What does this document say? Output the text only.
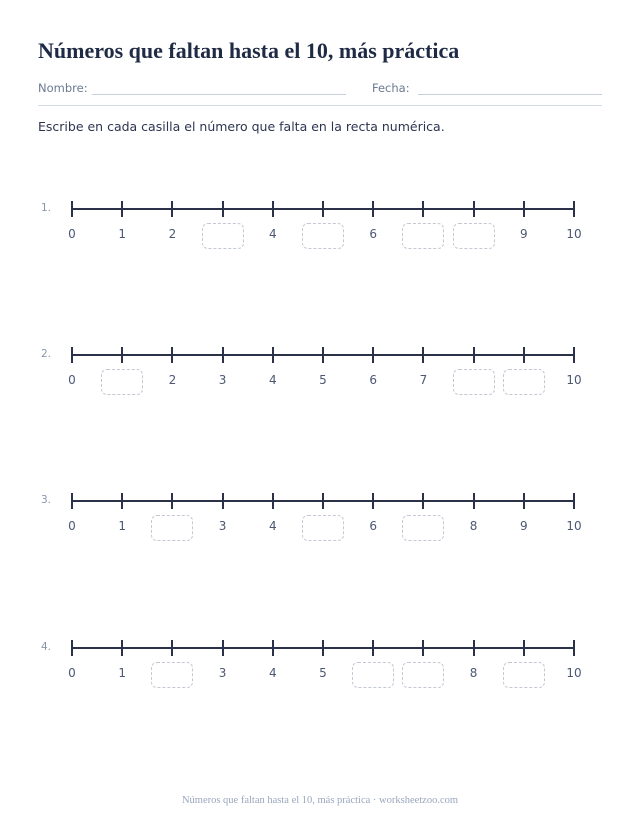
Números que faltan hasta el 10, más práctica
Nombre:	Fecha:
Escribe en cada casilla el número que falta en la recta numérica.
1.
0	1	2	4	6	9	10
2.
0	2	3	4	5	6	7	10
3.
0	1	3	4	6	8	9	10
4.
0	1	3	4	5	8	10
Números que faltan hasta el 10, más práctica · worksheetzoo.com
